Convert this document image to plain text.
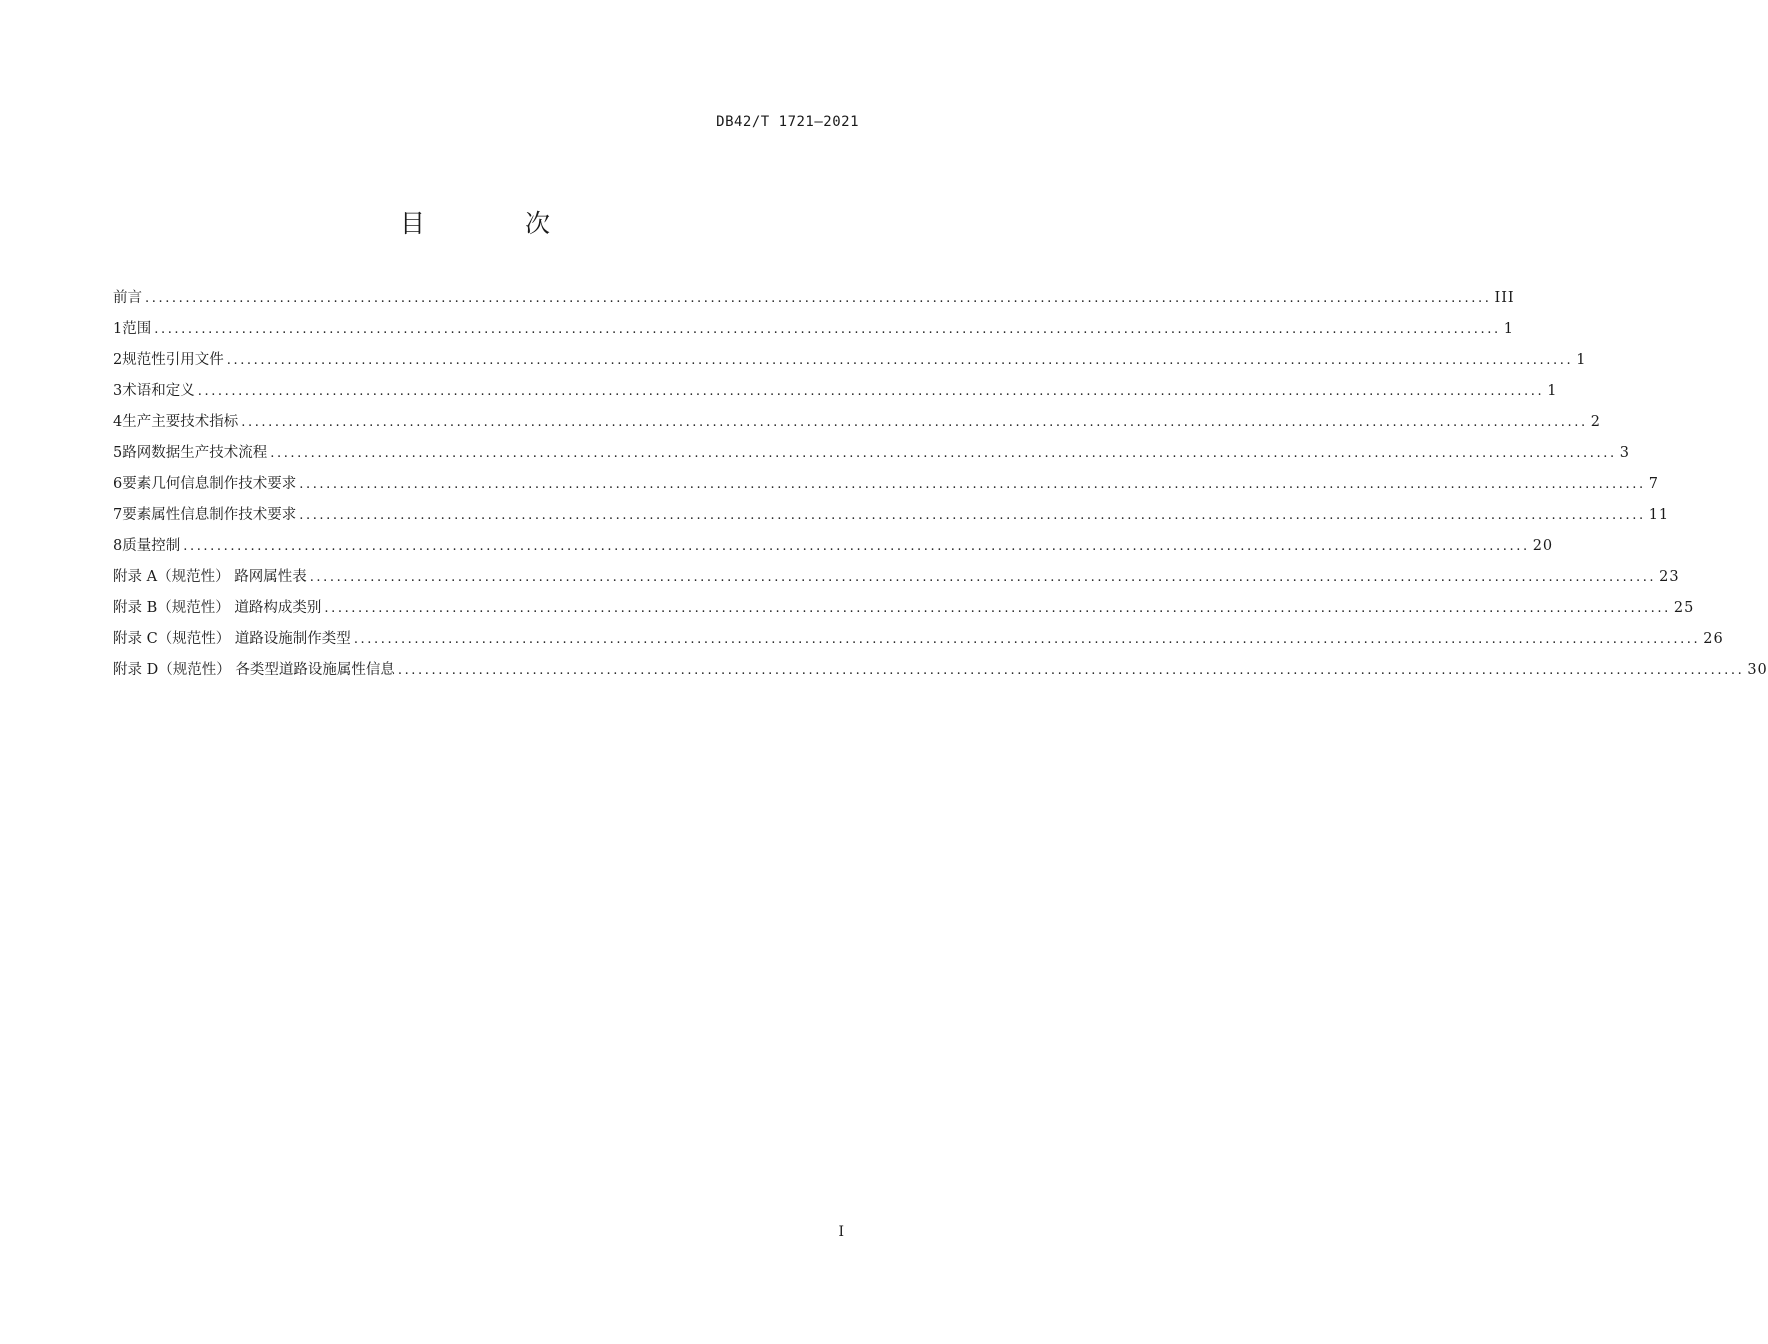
DB42/T 1721—2021
目 次
前言 ........................................................................................................................................................................................................ III
1 范围 ........................................................................................................................................................................................................ 1
2 规范性引用文件 ........................................................................................................................................................................................................ 1
3 术语和定义 ........................................................................................................................................................................................................ 1
4 生产主要技术指标 ........................................................................................................................................................................................................ 2
5 路网数据生产技术流程 ........................................................................................................................................................................................................ 3
6 要素几何信息制作技术要求 ........................................................................................................................................................................................................ 7
7 要素属性信息制作技术要求 ........................................................................................................................................................................................................ 11
8 质量控制 ........................................................................................................................................................................................................ 20
附录 A（规范性） 路网属性表 ........................................................................................................................................................................................................ 23
附录 B（规范性） 道路构成类别 ........................................................................................................................................................................................................ 25
附录 C（规范性） 道路设施制作类型 ........................................................................................................................................................................................................ 26
附录 D（规范性） 各类型道路设施属性信息 ........................................................................................................................................................................................................ 30
I
